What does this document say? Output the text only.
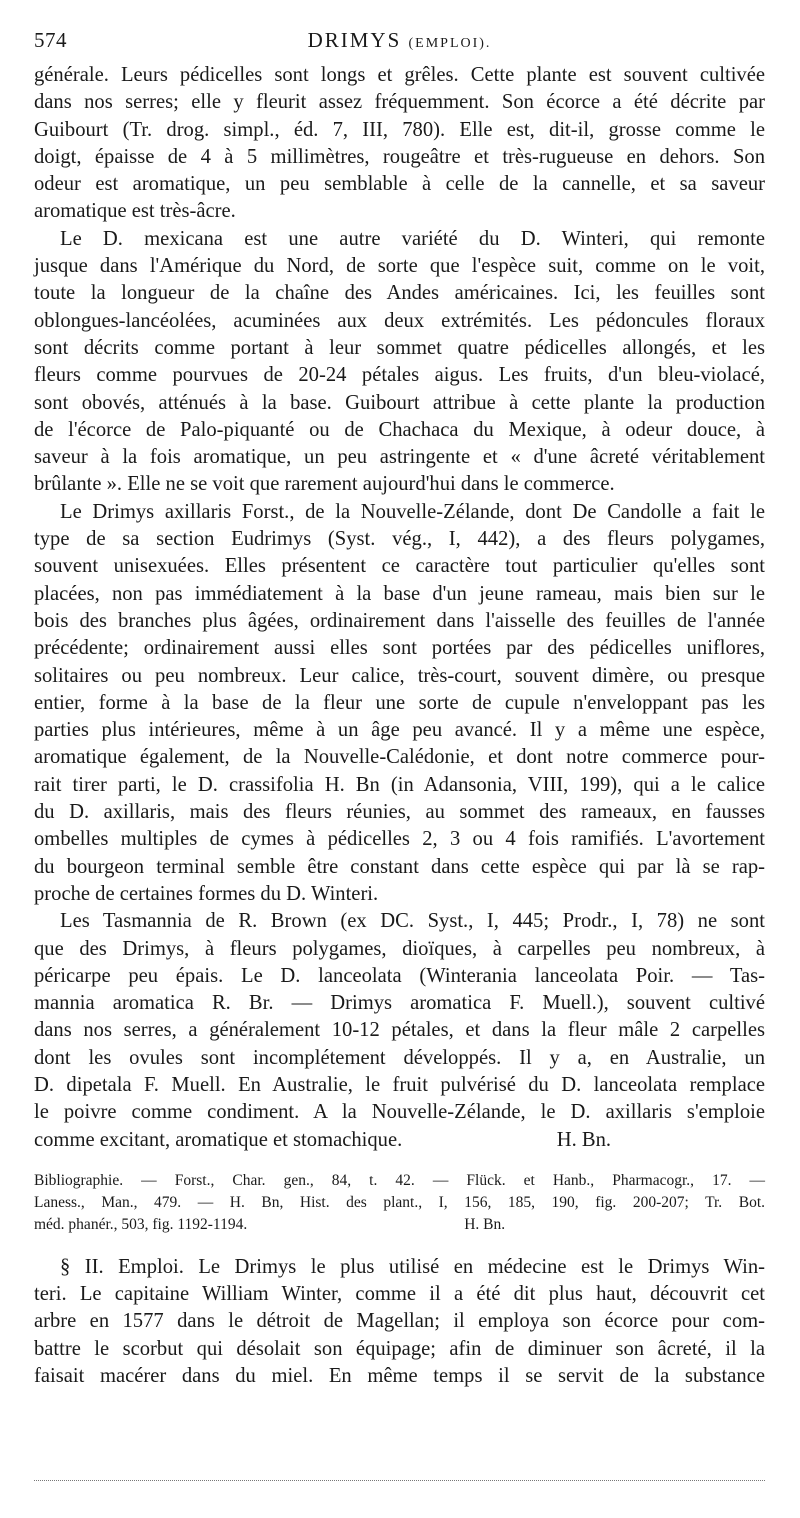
574	DRIMYS (EMPLOI).
générale. Leurs pédicelles sont longs et grêles. Cette plante est souvent cultivée
dans nos serres; elle y fleurit assez fréquemment. Son écorce a été décrite par
Guibourt (Tr. drog. simpl., éd. 7, III, 780). Elle est, dit-il, grosse comme le
doigt, épaisse de 4 à 5 millimètres, rougeâtre et très-rugueuse en dehors. Son
odeur est aromatique, un peu semblable à celle de la cannelle, et sa saveur
aromatique est très-âcre.
Le D. mexicana est une autre variété du D. Winteri, qui remonte
jusque dans l'Amérique du Nord, de sorte que l'espèce suit, comme on le voit,
toute la longueur de la chaîne des Andes américaines. Ici, les feuilles sont
oblongues-lancéolées, acuminées aux deux extrémités. Les pédoncules floraux
sont décrits comme portant à leur sommet quatre pédicelles allongés, et les
fleurs comme pourvues de 20-24 pétales aigus. Les fruits, d'un bleu-violacé,
sont obovés, atténués à la base. Guibourt attribue à cette plante la production
de l'écorce de Palo-piquanté ou de Chachaca du Mexique, à odeur douce, à
saveur à la fois aromatique, un peu astringente et « d'une âcreté véritablement
brûlante ». Elle ne se voit que rarement aujourd'hui dans le commerce.
Le Drimys axillaris Forst., de la Nouvelle-Zélande, dont De Candolle a fait le
type de sa section Eudrimys (Syst. vég., I, 442), a des fleurs polygames,
souvent unisexuées. Elles présentent ce caractère tout particulier qu'elles sont
placées, non pas immédiatement à la base d'un jeune rameau, mais bien sur le
bois des branches plus âgées, ordinairement dans l'aisselle des feuilles de l'année
précédente; ordinairement aussi elles sont portées par des pédicelles uniflores,
solitaires ou peu nombreux. Leur calice, très-court, souvent dimère, ou presque
entier, forme à la base de la fleur une sorte de cupule n'enveloppant pas les
parties plus intérieures, même à un âge peu avancé. Il y a même une espèce,
aromatique également, de la Nouvelle-Calédonie, et dont notre commerce pour-
rait tirer parti, le D. crassifolia H. Bn (in Adansonia, VIII, 199), qui a le calice
du D. axillaris, mais des fleurs réunies, au sommet des rameaux, en fausses
ombelles multiples de cymes à pédicelles 2, 3 ou 4 fois ramifiés. L'avortement
du bourgeon terminal semble être constant dans cette espèce qui par là se rap-
proche de certaines formes du D. Winteri.
Les Tasmannia de R. Brown (ex DC. Syst., I, 445; Prodr., I, 78) ne sont
que des Drimys, à fleurs polygames, dioïques, à carpelles peu nombreux, à
péricarpe peu épais. Le D. lanceolata (Winterania lanceolata Poir. — Tas-
mannia aromatica R. Br. — Drimys aromatica F. Muell.), souvent cultivé
dans nos serres, a généralement 10-12 pétales, et dans la fleur mâle 2 carpelles
dont les ovules sont incomplétement développés. Il y a, en Australie, un
D. dipetala F. Muell. En Australie, le fruit pulvérisé du D. lanceolata remplace
le poivre comme condiment. A la Nouvelle-Zélande, le D. axillaris s'emploie
comme excitant, aromatique et stomachique.                              H. Bn.
Bibliographie. — Forst., Char. gen., 84, t. 42. — Flück. et Hanb., Pharmacogr., 17. —
Laness., Man., 479. — H. Bn, Hist. des plant., I, 156, 185, 190, fig. 200-207; Tr. Bot.
méd. phanér., 503, fig. 1192-1194.                                                        H. Bn.
§ II. Emploi. Le Drimys le plus utilisé en médecine est le Drimys Win-
teri. Le capitaine William Winter, comme il a été dit plus haut, découvrit cet
arbre en 1577 dans le détroit de Magellan; il employa son écorce pour com-
battre le scorbut qui désolait son équipage; afin de diminuer son âcreté, il la
faisait macérer dans du miel. En même temps il se servit de la substance
